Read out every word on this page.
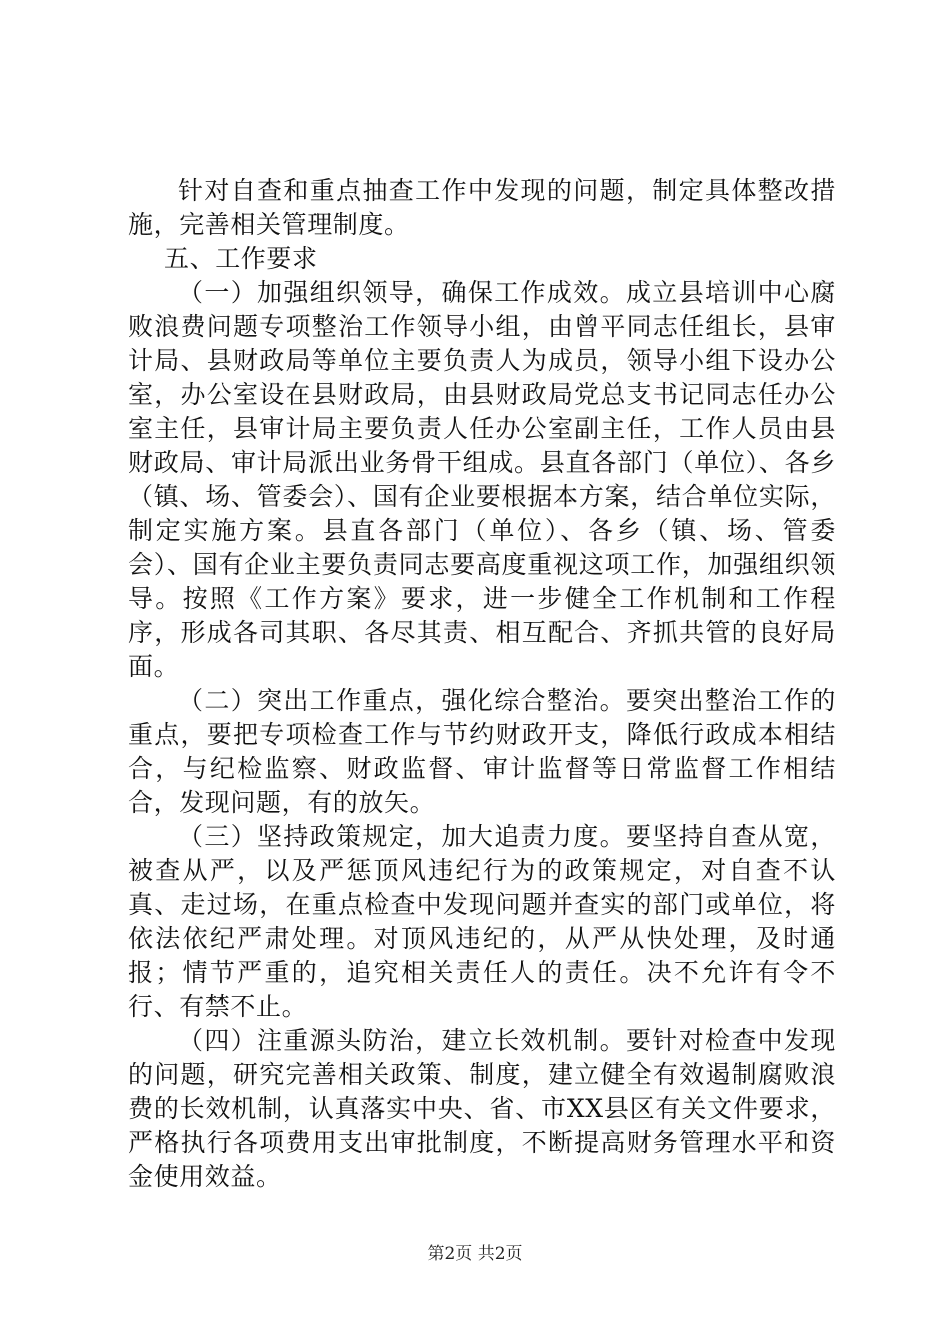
针对自查和重点抽查工作中发现的问题，制定具体整改措施，完善相关管理制度。

五、工作要求

（一）加强组织领导，确保工作成效。成立县培训中心腐败浪费问题专项整治工作领导小组，由曾平同志任组长，县审计局、县财政局等单位主要负责人为成员，领导小组下设办公室，办公室设在县财政局，由县财政局党总支书记同志任办公室主任，县审计局主要负责人任办公室副主任，工作人员由县财政局、审计局派出业务骨干组成。县直各部门（单位）、各乡（镇、场、管委会）、国有企业要根据本方案，结合单位实际，制定实施方案。县直各部门（单位）、各乡（镇、场、管委会）、国有企业主要负责同志要高度重视这项工作，加强组织领导。按照《工作方案》要求，进一步健全工作机制和工作程序，形成各司其职、各尽其责、相互配合、齐抓共管的良好局面。

（二）突出工作重点，强化综合整治。要突出整治工作的重点，要把专项检查工作与节约财政开支，降低行政成本相结合，与纪检监察、财政监督、审计监督等日常监督工作相结合，发现问题，有的放矢。

（三）坚持政策规定，加大追责力度。要坚持自查从宽，被查从严，以及严惩顶风违纪行为的政策规定，对自查不认真、走过场，在重点检查中发现问题并查实的部门或单位，将依法依纪严肃处理。对顶风违纪的，从严从快处理，及时通报；情节严重的，追究相关责任人的责任。决不允许有令不行、有禁不止。

（四）注重源头防治，建立长效机制。要针对检查中发现的问题，研究完善相关政策、制度，建立健全有效遏制腐败浪费的长效机制，认真落实中央、省、市XX县区有关文件要求，严格执行各项费用支出审批制度，不断提高财务管理水平和资金使用效益。

第2页 共2页
